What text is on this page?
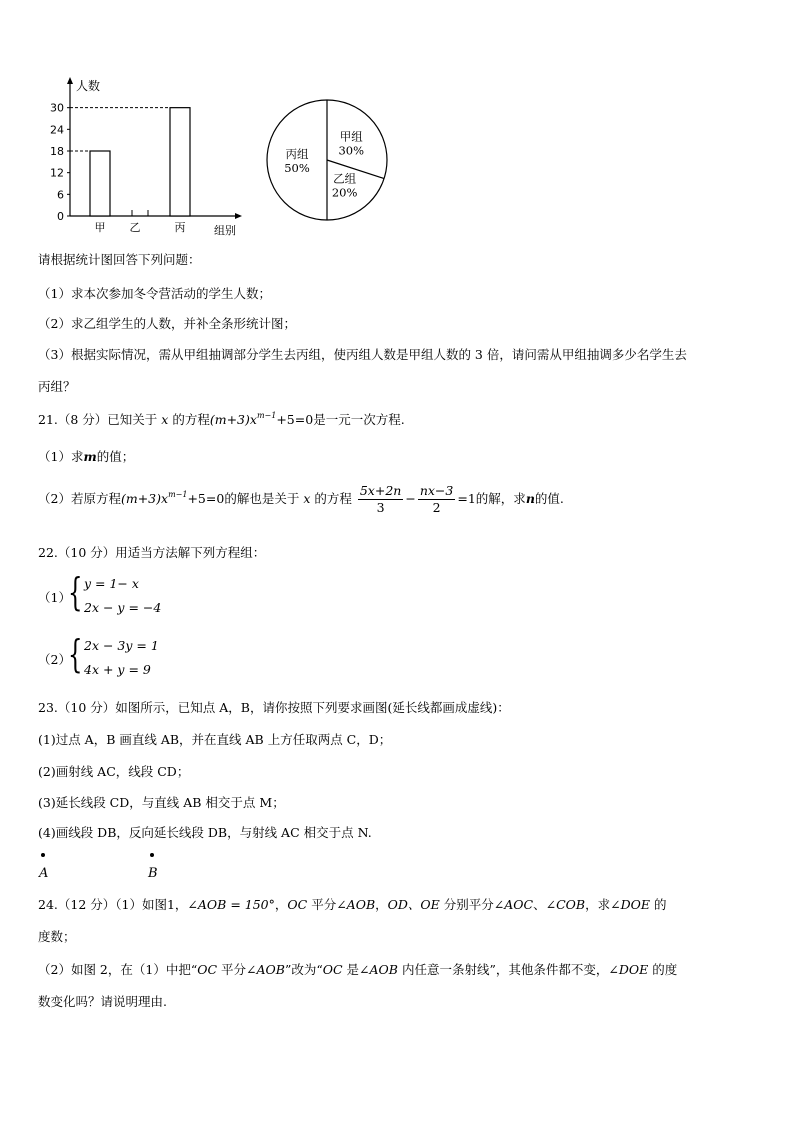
人数
组别
0
6
12
18
24
30
甲 乙	丙
甲组
30%
乙组
20%
丙组
50%
请根据统计图回答下列问题：
（1）求本次参加冬令营活动的学生人数；
（2）求乙组学生的人数，并补全条形统计图；
（3）根据实际情况，需从甲组抽调部分学生去丙组，使丙组人数是甲组人数的 3 倍，请问需从甲组抽调多少名学生去
丙组？
21.（8 分）已知关于 x 的方程$(m+3)x^{m-1}+5=0$是一元一次方程.
（1）求m的值；
（2）若原方程$(m+3)x^{m-1}+5=0$的解也是关于 x 的方程 $\frac{5x+2n}{3} - \frac{nx-3}{2} =1$的解，求n的值.
22.（10 分）用适当方法解下列方程组：
（1）
{ y = 1− x
2x − y = −4
（2）
{ 2x − 3y = 1
4x + y = 9
23.（10 分）如图所示，已知点 A，B，请你按照下列要求画图(延长线都画成虚线)：
(1)过点 A，B 画直线 AB，并在直线 AB 上方任取两点 C，D；
(2)画射线 AC，线段 CD；
(3)延长线段 CD，与直线 AB 相交于点 M；
(4)画线段 DB，反向延长线段 DB，与射线 AC 相交于点 N.
A	B
24.（12 分）（1）如图1，∠AOB = 150°，OC 平分∠AOB，OD、OE 分别平分∠AOC、∠COB，求∠DOE 的
度数；
（2）如图 2，在（1）中把“OC 平分∠AOB”改为“OC 是∠AOB 内任意一条射线”，其他条件都不变，∠DOE 的度
数变化吗？请说明理由.
